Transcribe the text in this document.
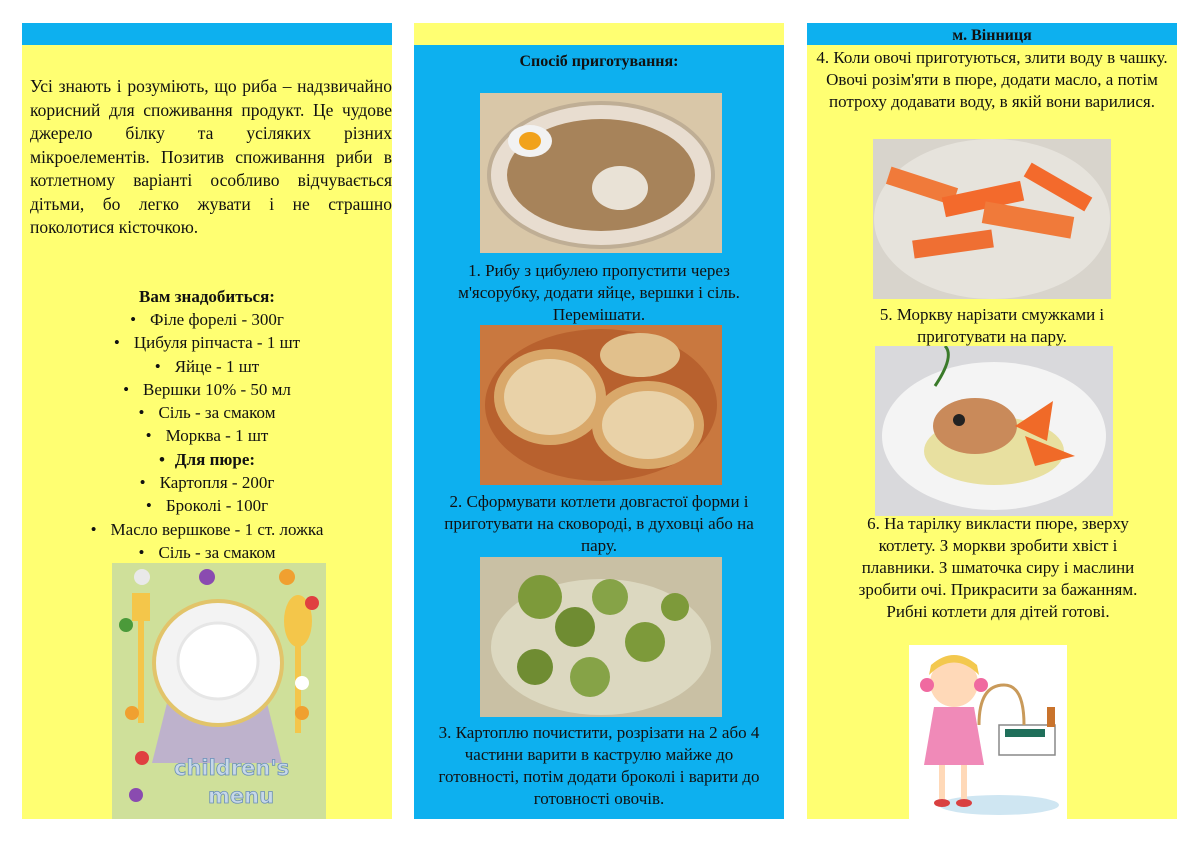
Усі знають і розуміють, що риба – надзвичайно корисний для споживання продукт. Це чудове джерело білку та усіляких різних мікроелементів. Позитив споживання риби в котлетному варіанті особливо відчувається дітьми, бо легко жувати і не страшно поколотися кісточкою.
Вам знадобиться:
• Філе форелі - 300г
• Цибуля ріпчаста - 1 шт
• Яйце - 1 шт
• Вершки 10% - 50 мл
• Сіль - за смаком
• Морква - 1 шт
• Для пюре:
• Картопля - 200г
• Броколі - 100г
• Масло вершкове - 1 ст. ложка
• Сіль - за смаком
children's
menu
Спосіб приготування:
1. Рибу з цибулею пропустити через м'ясорубку, додати яйце, вершки і сіль. Перемішати.
2. Сформувати котлети довгастої форми і приготувати на сковороді, в духовці або на пару.
3. Картоплю почистити, розрізати на 2 або 4 частини варити в каструлю майже до готовності, потім додати броколі і варити до готовності овочів.
м. Вінниця
4. Коли овочі приготуються, злити воду в чашку. Овочі розім'яти в пюре, додати масло, а потім потроху додавати воду, в якій вони варилися.
5. Моркву нарізати смужками і приготувати на пару.
6. На тарілку викласти пюре, зверху котлету. З моркви зробити хвіст і плавники. З шматочка сиру і маслини зробити очі. Прикрасити за бажанням. Рибні котлети для дітей готові.
